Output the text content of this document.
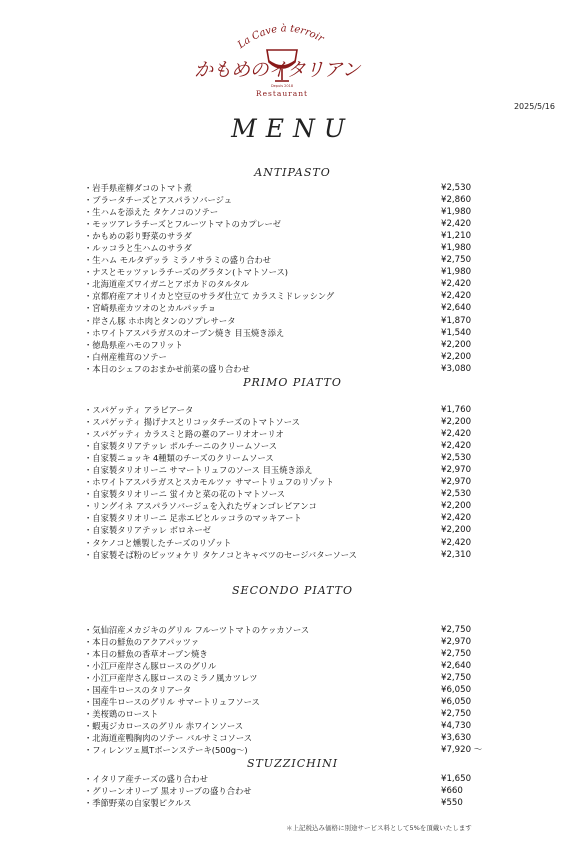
La Cave à terroir
かもめのイタリアン
Depuis 2018
Restaurant
2025/5/16
MENU
ANTIPASTO
PRIMO PIATTO
SECONDO PIATTO
STUZZICHINI
・岩手県産柳ダコのトマト煮	¥2,530
・ブラータチーズとアスパラソバージュ	¥2,860
・生ハムを添えた タケノコのソテー	¥1,980
・モッツアレラチーズとフルーツトマトのカプレーゼ	¥2,420
・かもめの彩り野菜のサラダ	¥1,210
・ルッコラと生ハムのサラダ	¥1,980
・生ハム モルタデッラ ミラノサラミの盛り合わせ	¥2,750
・ナスとモッツァレラチーズのグラタン(トマトソース)	¥1,980
・北海道産ズワイガニとアボカドのタルタル	¥2,420
・京都府産アオリイカと空豆のサラダ仕立て カラスミドレッシング	¥2,420
・宮崎県産カツオのとカルパッチョ	¥2,640
・岸さん豚 ホホ肉とタンのソプレサータ	¥1,870
・ホワイトアスパラガスのオーブン焼き 目玉焼き添え	¥1,540
・徳島県産ハモのフリット	¥2,200
・白州産椎茸のソテー	¥2,200
・本日のシェフのおまかせ前菜の盛り合わせ	¥3,080
・スパゲッティ アラビアータ	¥1,760
・スパゲッティ 揚げナスとリコッタチーズのトマトソース	¥2,200
・スパゲッティ カラスミと路の薹のアーリオオーリオ	¥2,420
・自家製タリアテッレ ポルチーニのクリームソース	¥2,420
・自家製ニョッキ 4種類のチーズのクリームソース	¥2,530
・自家製タリオリーニ サマートリュフのソース 目玉焼き添え	¥2,970
・ホワイトアスパラガスとスカモルツァ サマートリュフのリゾット	¥2,970
・自家製タリオリーニ 蛍イカと菜の花のトマトソース	¥2,530
・リングイネ アスパラソバージュを入れたヴォンゴレビアンコ	¥2,200
・自家製タリオリーニ 足赤エビとルッコラのマッキアート	¥2,420
・自家製タリアテッレ ボロネーゼ	¥2,200
・タケノコと燻製したチーズのリゾット	¥2,420
・自家製そば粉のピッツォケリ タケノコとキャベツのセージバターソース	¥2,310
・気仙沼産メカジキのグリル フルーツトマトのケッカソース	¥2,750
・本日の鮮魚のアクアパッツァ	¥2,970
・本日の鮮魚の香草オーブン焼き	¥2,750
・小江戸産岸さん豚ロースのグリル	¥2,640
・小江戸産岸さん豚ロースのミラノ風カツレツ	¥2,750
・国産牛ロースのタリアータ	¥6,050
・国産牛ロースのグリル サマートリュフソース	¥6,050
・美桜鶏のロースト	¥2,750
・蝦夷ジカロースのグリル 赤ワインソース	¥4,730
・北海道産鴨胸肉のソテー バルサミコソース	¥3,630
・フィレンツェ風Tボーンステーキ(500g～)	¥7,920 ～
・イタリア産チーズの盛り合わせ	¥1,650
・グリーンオリーブ 黒オリーブの盛り合わせ	¥660
・季節野菜の自家製ピクルス	¥550
＊上記税込み価格に別途サービス料として5%を頂戴いたします
